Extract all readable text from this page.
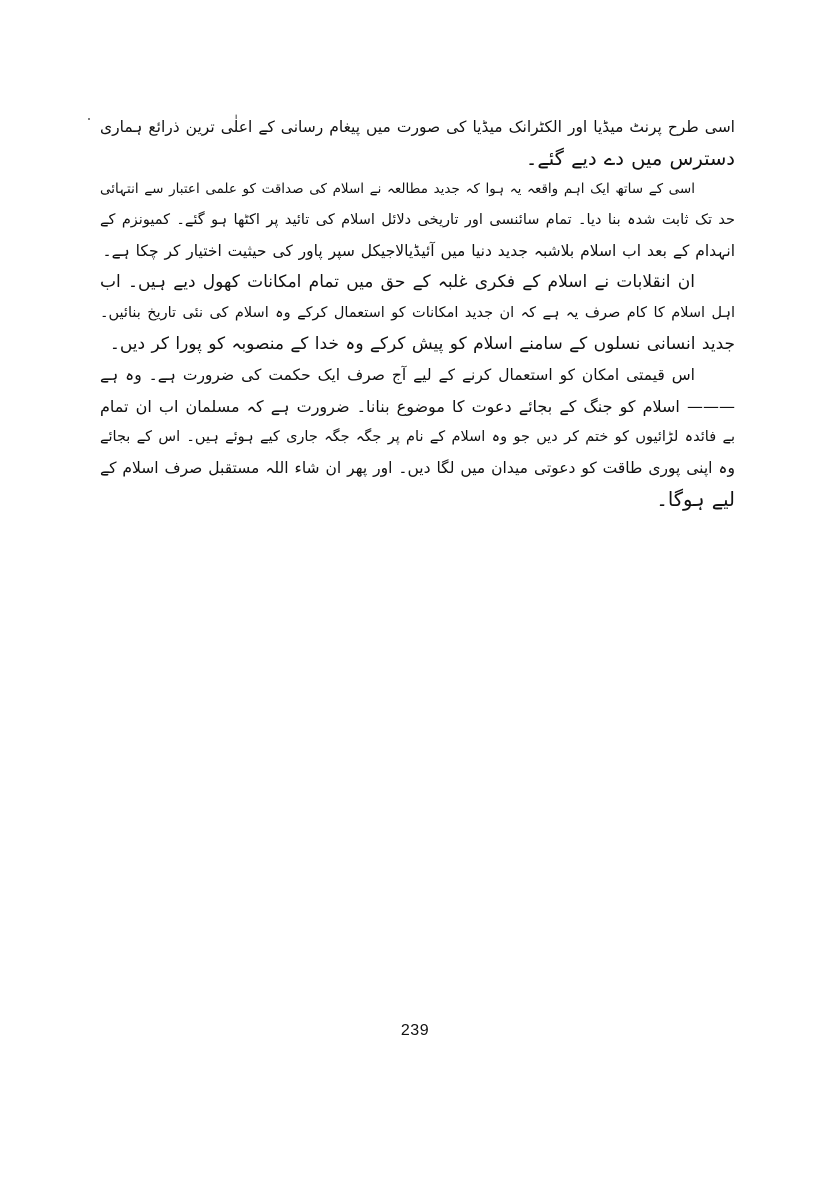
اسی طرح پرنٹ میڈیا اور الکٹرانک میڈیا کی صورت میں پیغام رسانی کے اعلٰی ترین ذرائع ہماری
دسترس میں دے دیے گئے۔

اسی کے ساتھ ایک اہم واقعہ یہ ہوا کہ جدید مطالعہ نے اسلام کی صداقت کو علمی اعتبار سے انتہائی
حد تک ثابت شدہ بنا دیا۔ تمام سائنسی اور تاریخی دلائل اسلام کی تائید پر اکٹھا ہو گئے۔ کمیونزم کے
انہدام کے بعد اب اسلام بلاشبہ جدید دنیا میں آئیڈیالاجیکل سپر پاور کی حیثیت اختیار کر چکا ہے۔

ان انقلابات نے اسلام کے فکری غلبہ کے حق میں تمام امکانات کھول دیے ہیں۔ اب
اہل اسلام کا کام صرف یہ ہے کہ ان جدید امکانات کو استعمال کرکے وہ اسلام کی نئی تاریخ بنائیں۔
جدید انسانی نسلوں کے سامنے اسلام کو پیش کرکے وہ خدا کے منصوبہ کو پورا کر دیں۔

اس قیمتی امکان کو استعمال کرنے کے لیے آج صرف ایک حکمت کی ضرورت ہے۔ وہ ہے
——— اسلام کو جنگ کے بجائے دعوت کا موضوع بنانا۔ ضرورت ہے کہ مسلمان اب ان تمام
بے فائدہ لڑائیوں کو ختم کر دیں جو وہ اسلام کے نام پر جگہ جگہ جاری کیے ہوئے ہیں۔ اس کے بجائے
وہ اپنی پوری طاقت کو دعوتی میدان میں لگا دیں۔ اور پھر ان شاء اللہ مستقبل صرف اسلام کے
لیے ہوگا۔

239
